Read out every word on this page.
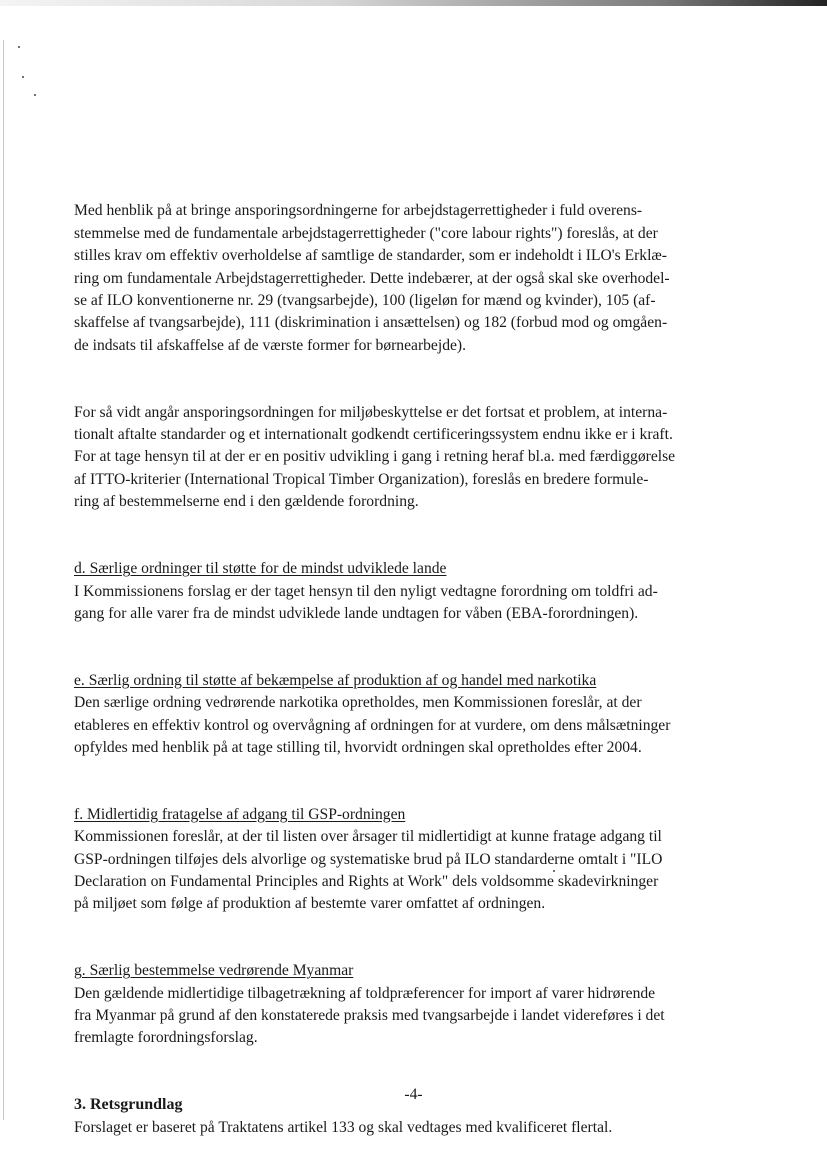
Med henblik på at bringe ansporingsordningerne for arbejdstagerrettigheder i fuld overens-
stemmelse med de fundamentale arbejdstagerrettigheder ("core labour rights") foreslås, at der
stilles krav om effektiv overholdelse af samtlige de standarder, som er indeholdt i ILO's Erklæ-
ring om fundamentale Arbejdstagerrettigheder. Dette indebærer, at der også skal ske overhodel-
se af ILO konventionerne nr. 29 (tvangsarbejde), 100 (ligeløn for mænd og kvinder), 105 (af-
skaffelse af tvangsarbejde), 111 (diskrimination i ansættelsen) og 182 (forbud mod og omgåen-
de indsats til afskaffelse af de værste former for børnearbejde).

For så vidt angår ansporingsordningen for miljøbeskyttelse er det fortsat et problem, at interna-
tionalt aftalte standarder og et internationalt godkendt certificeringssystem endnu ikke er i kraft.
For at tage hensyn til at der er en positiv udvikling i gang i retning heraf bl.a. med færdiggørelse
af ITTO-kriterier (International Tropical Timber Organization), foreslås en bredere formule-
ring af bestemmelserne end i den gældende forordning.

d. Særlige ordninger til støtte for de mindst udviklede lande
I Kommissionens forslag er der taget hensyn til den nyligt vedtagne forordning om toldfri ad-
gang for alle varer fra de mindst udviklede lande undtagen for våben (EBA-forordningen).

e. Særlig ordning til støtte af bekæmpelse af produktion af og handel med narkotika
Den særlige ordning vedrørende narkotika opretholdes, men Kommissionen foreslår, at der
etableres en effektiv kontrol og overvågning af ordningen for at vurdere, om dens målsætninger
opfyldes med henblik på at tage stilling til, hvorvidt ordningen skal opretholdes efter 2004.

f. Midlertidig fratagelse af adgang til GSP-ordningen
Kommissionen foreslår, at der til listen over årsager til midlertidigt at kunne fratage adgang til
GSP-ordningen tilføjes dels alvorlige og systematiske brud på ILO standarderne omtalt i "ILO
Declaration on Fundamental Principles and Rights at Work" dels voldsomme skadevirkninger
på miljøet som følge af produktion af bestemte varer omfattet af ordningen.

g. Særlig bestemmelse vedrørende Myanmar
Den gældende midlertidige tilbagetrækning af toldpræferencer for import af varer hidrørende
fra Myanmar på grund af den konstaterede praksis med tvangsarbejde i landet videreføres i det
fremlagte forordningsforslag.

3. Retsgrundlag
Forslaget er baseret på Traktatens artikel 133 og skal vedtages med kvalificeret flertal.

-4-
